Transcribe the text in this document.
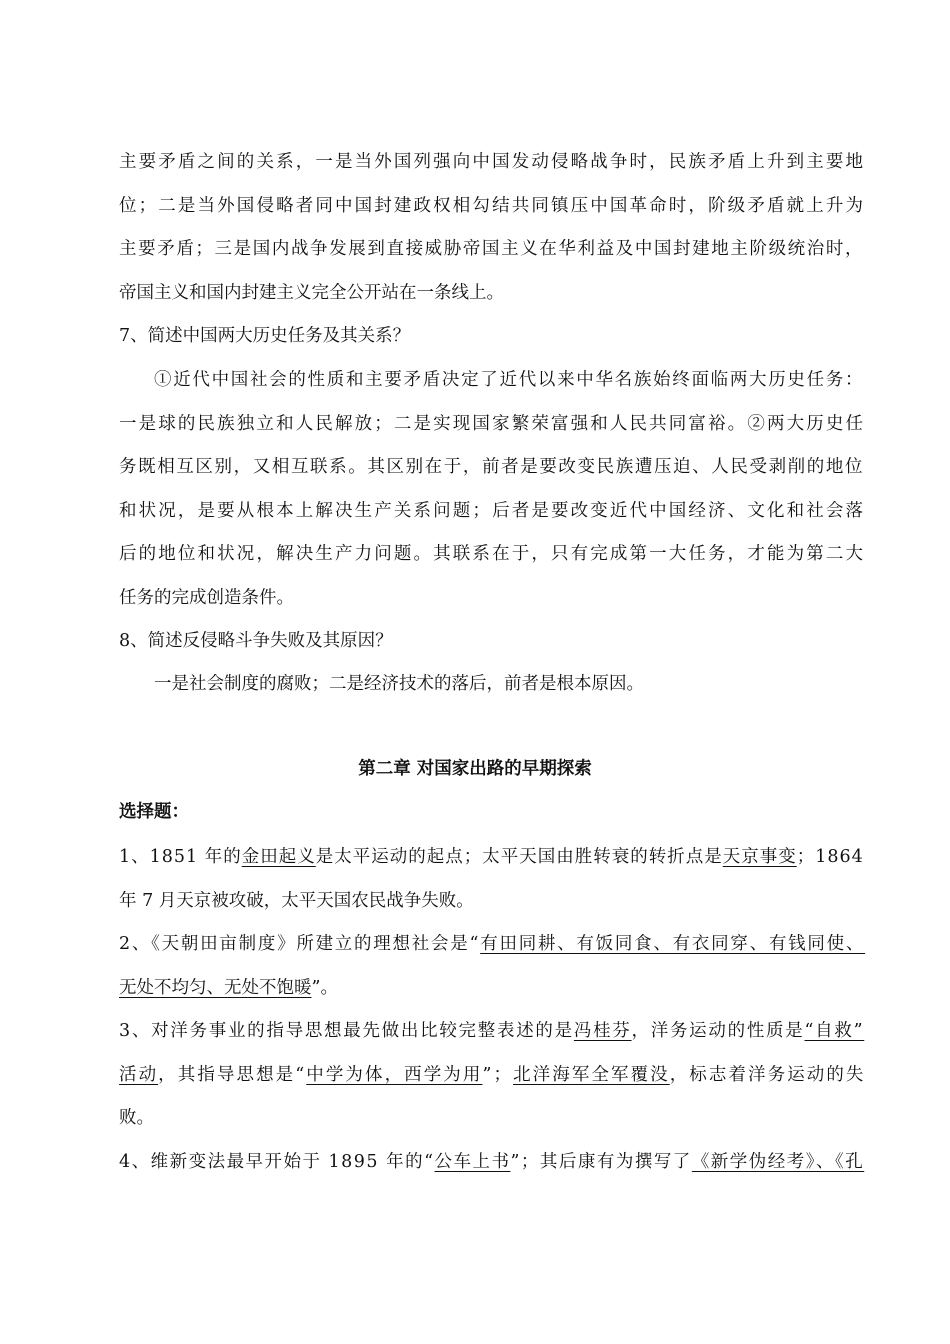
主要矛盾之间的关系，一是当外国列强向中国发动侵略战争时，民族矛盾上升到主要地
位；二是当外国侵略者同中国封建政权相勾结共同镇压中国革命时，阶级矛盾就上升为
主要矛盾；三是国内战争发展到直接威胁帝国主义在华利益及中国封建地主阶级统治时，
帝国主义和国内封建主义完全公开站在一条线上。

7、简述中国两大历史任务及其关系？

①近代中国社会的性质和主要矛盾决定了近代以来中华名族始终面临两大历史任务：
一是球的民族独立和人民解放；二是实现国家繁荣富强和人民共同富裕。②两大历史任
务既相互区别，又相互联系。其区别在于，前者是要改变民族遭压迫、人民受剥削的地位
和状况，是要从根本上解决生产关系问题；后者是要改变近代中国经济、文化和社会落
后的地位和状况，解决生产力问题。其联系在于，只有完成第一大任务，才能为第二大
任务的完成创造条件。

8、简述反侵略斗争失败及其原因？

一是社会制度的腐败；二是经济技术的落后，前者是根本原因。

第二章 对国家出路的早期探索
选择题：
1、1851 年的金田起义是太平运动的起点；太平天国由胜转衰的转折点是天京事变；1864
年 7 月天京被攻破，太平天国农民战争失败。
2、《天朝田亩制度》所建立的理想社会是“有田同耕、有饭同食、有衣同穿、有钱同使、
无处不均匀、无处不饱暖”。
3、对洋务事业的指导思想最先做出比较完整表述的是冯桂芬，洋务运动的性质是“自救”
活动，其指导思想是“中学为体，西学为用”；北洋海军全军覆没，标志着洋务运动的失
败。
4、维新变法最早开始于 1895 年的“公车上书”；其后康有为撰写了《新学伪经考》、《孔
